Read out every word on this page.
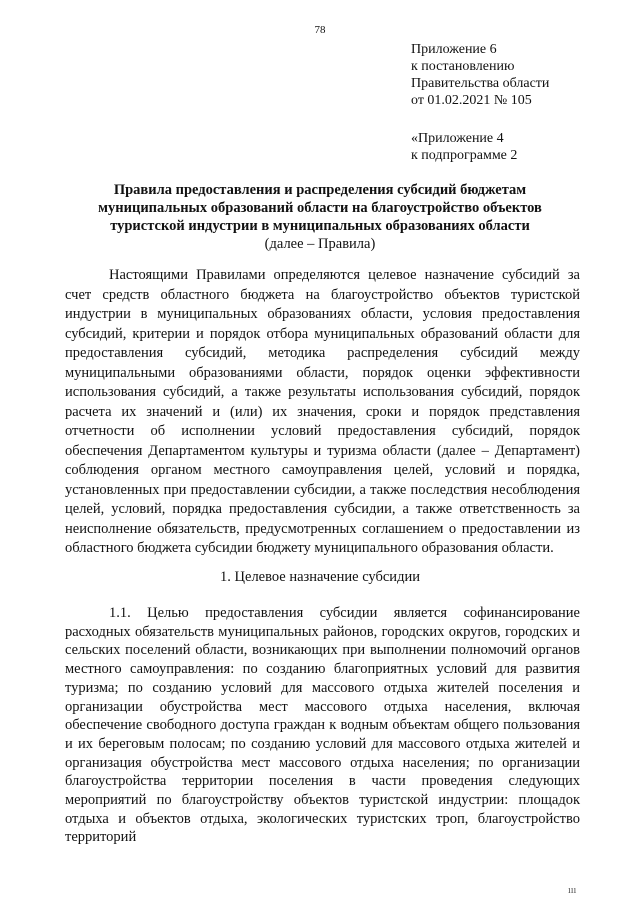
78
Приложение 6
к постановлению
Правительства области
от 01.02.2021 № 105
«Приложение 4
к подпрограмме 2
Правила предоставления и распределения субсидий бюджетам
муниципальных образований области на благоустройство объектов
туристской индустрии в муниципальных образованиях области
(далее – Правила)
Настоящими Правилами определяются целевое назначение субсидий за счет средств областного бюджета на благоустройство объектов туристской индустрии в муниципальных образованиях области, условия предоставления субсидий, критерии и порядок отбора муниципальных образований области для предоставления субсидий, методика распределения субсидий между муниципальными образованиями области, порядок оценки эффективности использования субсидий, а также результаты использования субсидий, порядок расчета их значений и (или) их значения, сроки и порядок представления отчетности об исполнении условий предоставления субсидий, порядок обеспечения Департаментом культуры и туризма области (далее – Департамент) соблюдения органом местного самоуправления целей, условий и порядка, установленных при предоставлении субсидии, а также последствия несоблюдения целей, условий, порядка предоставления субсидии, а также ответственность за неисполнение обязательств, предусмотренных соглашением о предоставлении из областного бюджета субсидии бюджету муниципального образования области.
1. Целевое назначение субсидии
1.1. Целью предоставления субсидии является софинансирование расходных обязательств муниципальных районов, городских округов, городских и сельских поселений области, возникающих при выполнении полномочий органов местного самоуправления: по созданию благоприятных условий для развития туризма; по созданию условий для массового отдыха жителей поселения и организации обустройства мест массового отдыха населения, включая обеспечение свободного доступа граждан к водным объектам общего пользования и их береговым полосам; по созданию условий для массового отдыха жителей и организация обустройства мест массового отдыха населения; по организации благоустройства территории поселения в части проведения следующих мероприятий по благоустройству объектов туристской индустрии: площадок отдыха и объектов отдыха, экологических туристских троп, благоустройство территорий
ııı
